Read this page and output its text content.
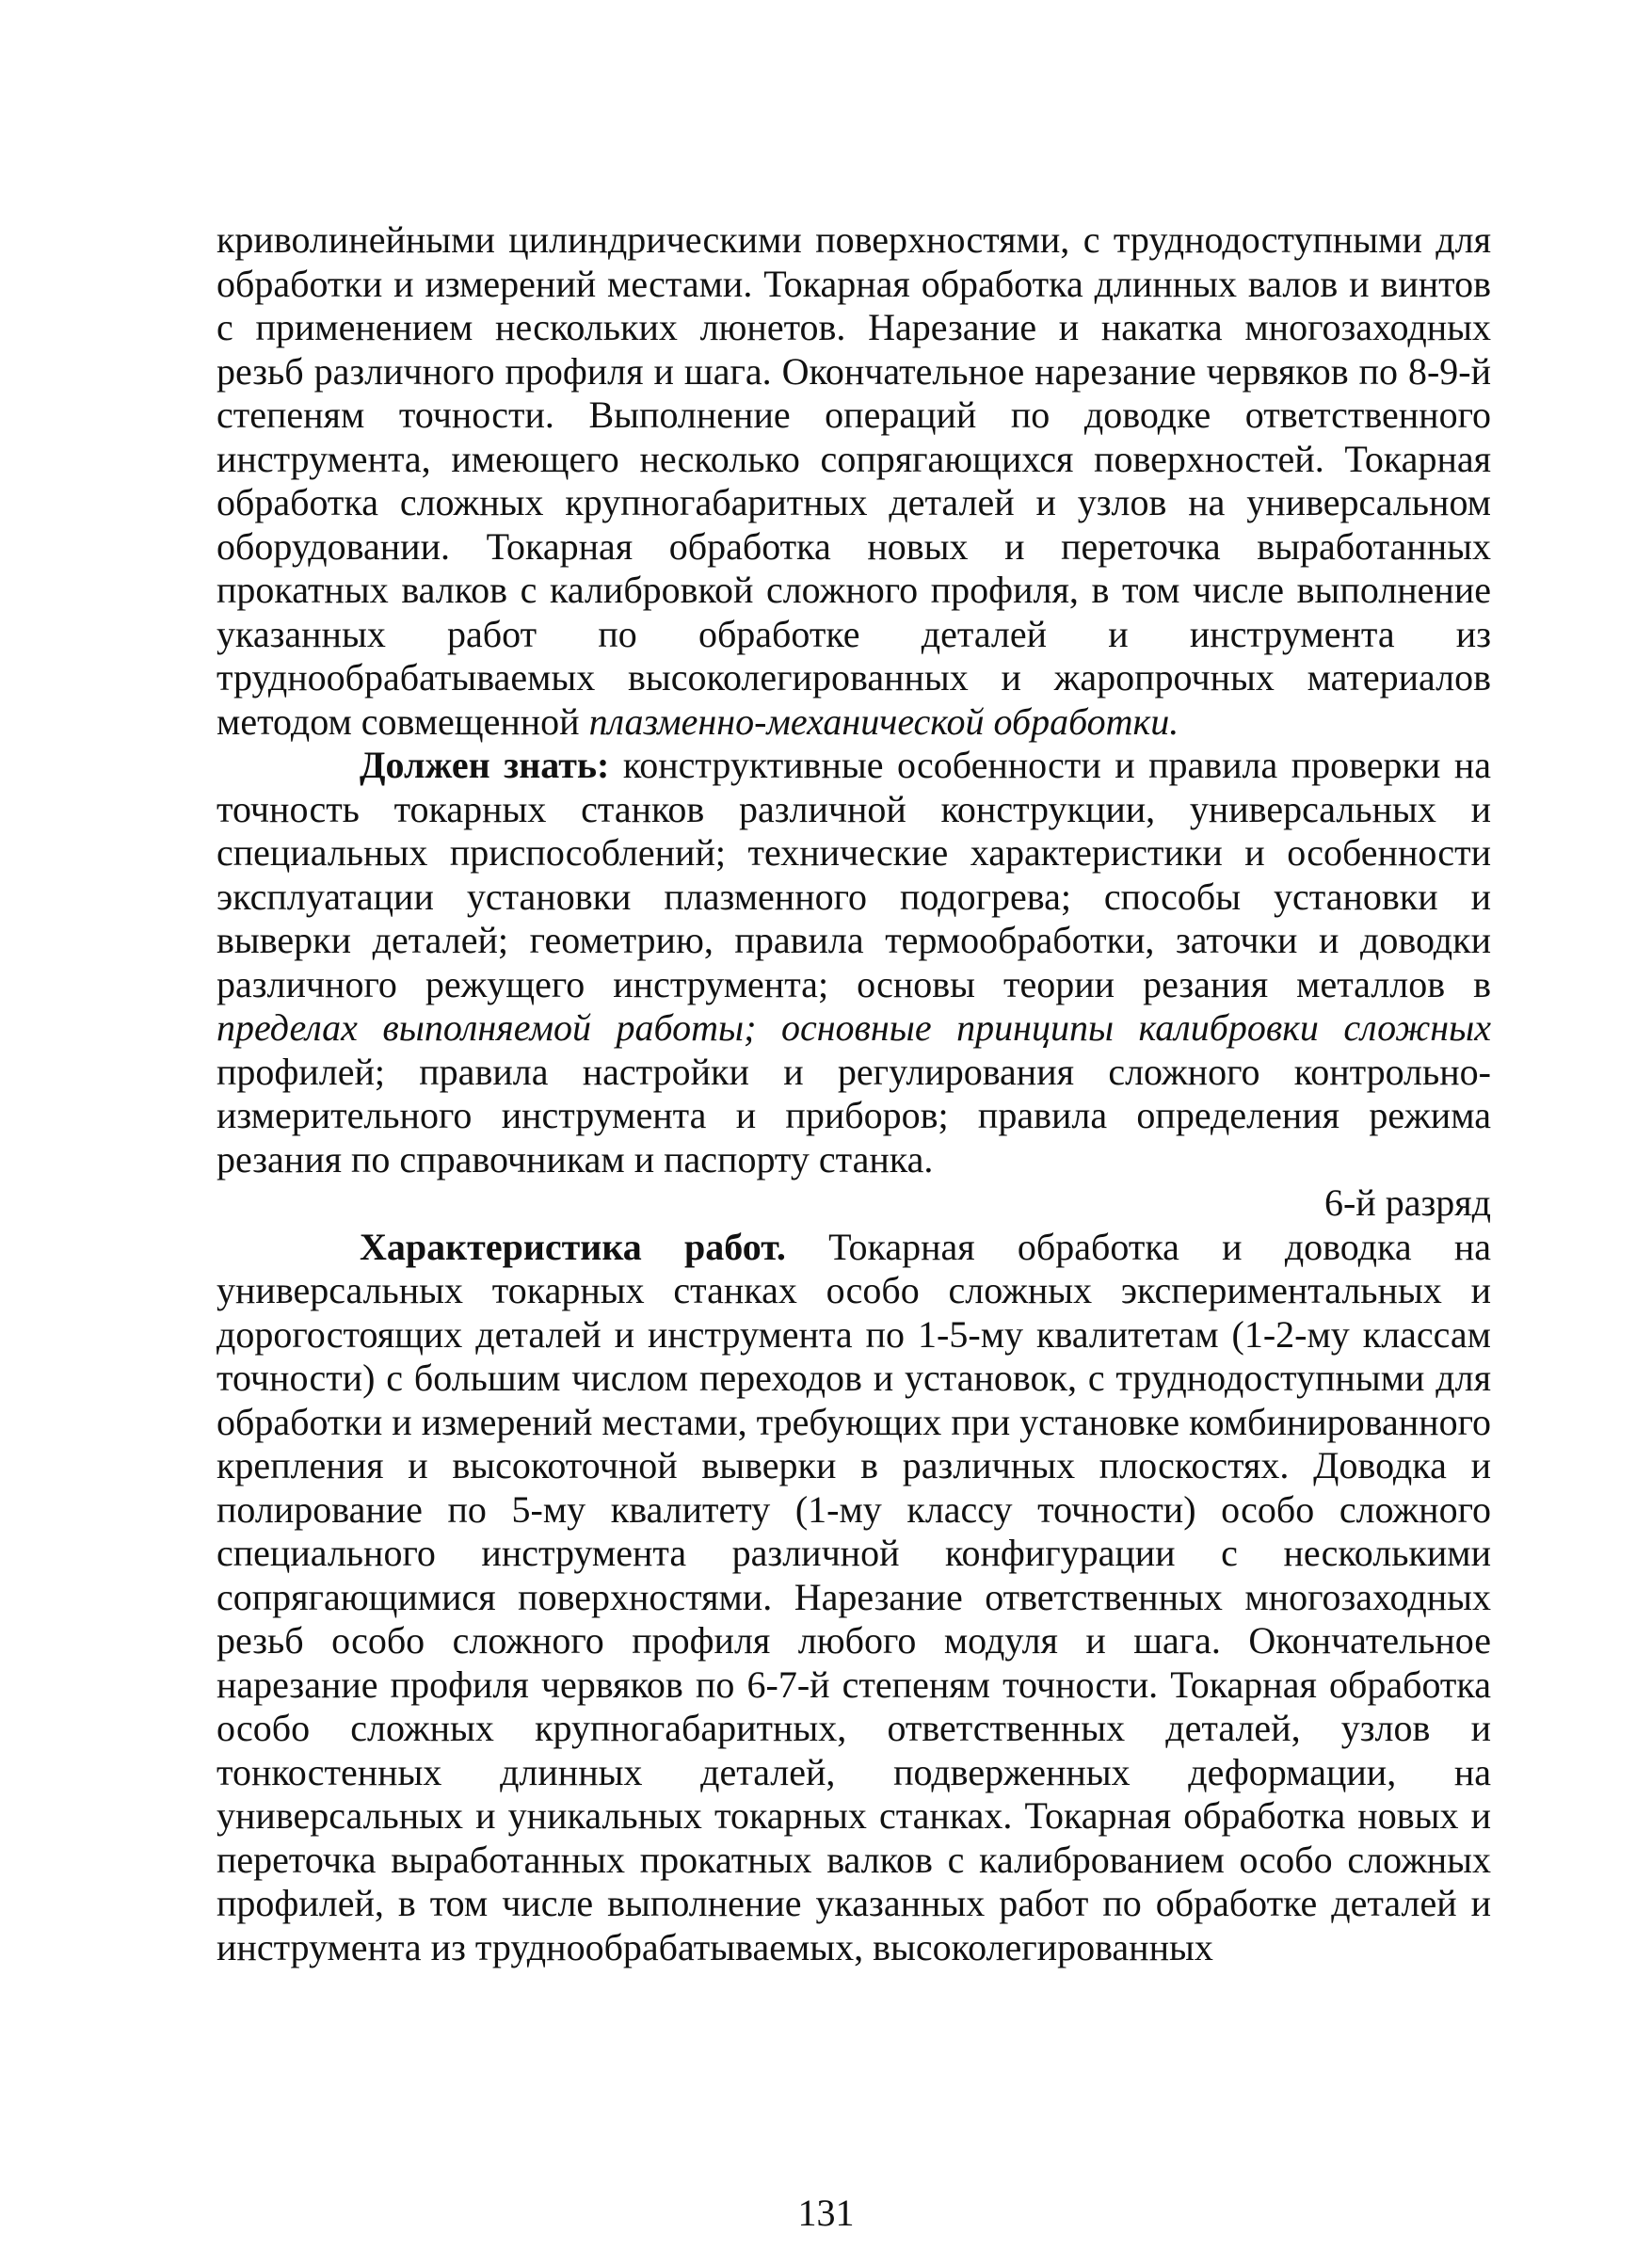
криволинейными цилиндрическими поверхностями, с труднодоступными для обработки и измерений местами. Токарная обработка длинных валов и винтов с применением нескольких люнетов. Нарезание и накатка многозаходных резьб различного профиля и шага. Окончательное нарезание червяков по 8-9-й степеням точности. Выполнение операций по доводке ответственного инструмента, имеющего несколько сопрягающихся поверхностей. Токарная обработка сложных крупногабаритных деталей и узлов на универсальном оборудовании. Токарная обработка новых и переточка выработанных прокатных валков с калибровкой сложного профиля, в том числе выполнение указанных работ по обработке деталей и инструмента из труднообрабатываемых высоколегированных и жаропрочных материалов методом совмещенной плазменно-механической обработки.

Должен знать: конструктивные особенности и правила проверки на точность токарных станков различной конструкции, универсальных и специальных приспособлений; технические характеристики и особенности эксплуатации установки плазменного подогрева; способы установки и выверки деталей; геометрию, правила термообработки, заточки и доводки различного режущего инструмента; основы теории резания металлов в пределах выполняемой работы; основные принципы калибровки сложных профилей; правила настройки и регулирования сложного контрольно-измерительного инструмента и приборов; правила определения режима резания по справочникам и паспорту станка.

6-й разряд

Характеристика работ. Токарная обработка и доводка на универсальных токарных станках особо сложных экспериментальных и дорогостоящих деталей и инструмента по 1-5-му квалитетам (1-2-му классам точности) с большим числом переходов и установок, с труднодоступными для обработки и измерений местами, требующих при установке комбинированного крепления и высокоточной выверки в различных плоскостях. Доводка и полирование по 5-му квалитету (1-му классу точности) особо сложного специального инструмента различной конфигурации с несколькими сопрягающимися поверхностями. Нарезание ответственных многозаходных резьб особо сложного профиля любого модуля и шага. Окончательное нарезание профиля червяков по 6-7-й степеням точности. Токарная обработка особо сложных крупногабаритных, ответственных деталей, узлов и тонкостенных длинных деталей, подверженных деформации, на универсальных и уникальных токарных станках. Токарная обработка новых и переточка выработанных прокатных валков с калиброванием особо сложных профилей, в том числе выполнение указанных работ по обработке деталей и инструмента из труднообрабатываемых, высоколегированных

131
